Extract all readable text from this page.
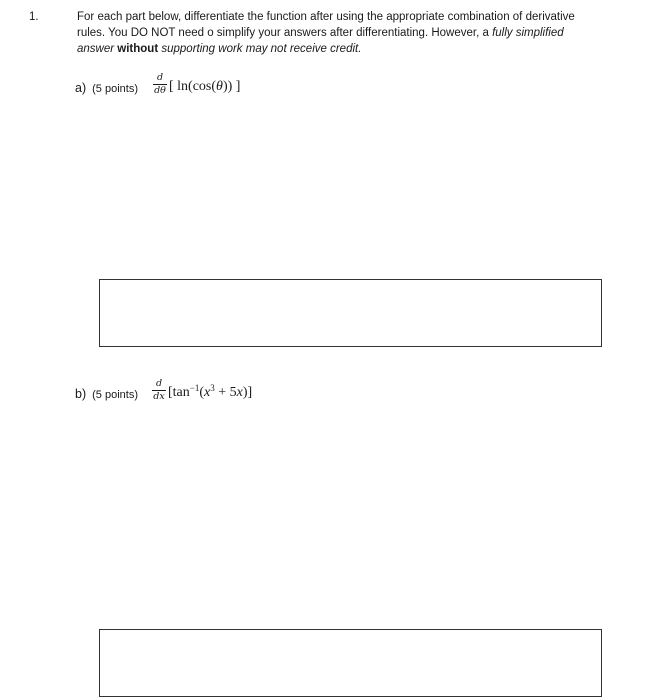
1.	For each part below, differentiate the function after using the appropriate combination of derivative
rules. You DO NOT need o simplify your answers after differentiating. However, a fully simplified
answer without supporting work may not receive credit.
a) (5 points)
d
dθ [ ln(cos(θ)) ]
b) (5 points)
d
dx $[\tan^{-1}(x^3 + 5x)]$
